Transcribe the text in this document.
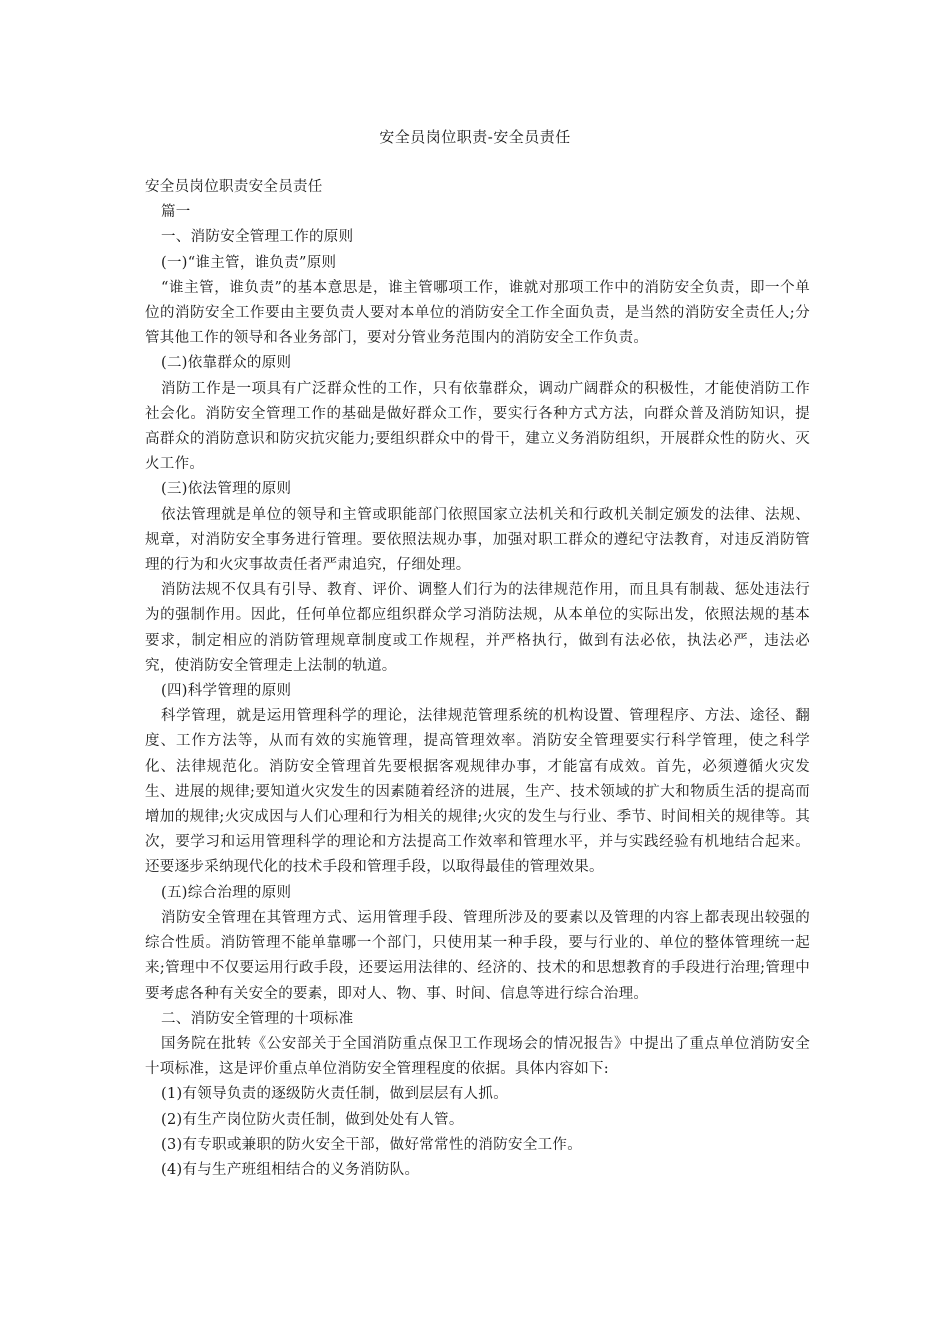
安全员岗位职责-安全员责任

安全员岗位职责安全员责任

篇一

一、消防安全管理工作的原则

(一)“谁主管，谁负责”原则

“谁主管，谁负责”的基本意思是，谁主管哪项工作，谁就对那项工作中的消防安全负责，即一个单位的消防安全工作要由主要负责人要对本单位的消防安全工作全面负责，是当然的消防安全责任人;分管其他工作的领导和各业务部门，要对分管业务范围内的消防安全工作负责。

(二)依靠群众的原则

消防工作是一项具有广泛群众性的工作，只有依靠群众，调动广阔群众的积极性，才能使消防工作社会化。消防安全管理工作的基础是做好群众工作，要实行各种方式方法，向群众普及消防知识，提高群众的消防意识和防灾抗灾能力;要组织群众中的骨干，建立义务消防组织，开展群众性的防火、灭火工作。

(三)依法管理的原则

依法管理就是单位的领导和主管或职能部门依照国家立法机关和行政机关制定颁发的法律、法规、规章，对消防安全事务进行管理。要依照法规办事，加强对职工群众的遵纪守法教育，对违反消防管理的行为和火灾事故责任者严肃追究，仔细处理。

消防法规不仅具有引导、教育、评价、调整人们行为的法律规范作用，而且具有制裁、惩处违法行为的强制作用。因此，任何单位都应组织群众学习消防法规，从本单位的实际出发，依照法规的基本要求，制定相应的消防管理规章制度或工作规程，并严格执行，做到有法必依，执法必严，违法必究，使消防安全管理走上法制的轨道。

(四)科学管理的原则

科学管理，就是运用管理科学的理论，法律规范管理系统的机构设置、管理程序、方法、途径、翻度、工作方法等，从而有效的实施管理，提高管理效率。消防安全管理要实行科学管理，使之科学化、法律规范化。消防安全管理首先要根据客观规律办事，才能富有成效。首先，必须遵循火灾发生、进展的规律;要知道火灾发生的因素随着经济的进展，生产、技术领域的扩大和物质生活的提高而增加的规律;火灾成因与人们心理和行为相关的规律;火灾的发生与行业、季节、时间相关的规律等。其次，要学习和运用管理科学的理论和方法提高工作效率和管理水平，并与实践经验有机地结合起来。还要逐步采纳现代化的技术手段和管理手段，以取得最佳的管理效果。

(五)综合治理的原则

消防安全管理在其管理方式、运用管理手段、管理所涉及的要素以及管理的内容上都表现出较强的综合性质。消防管理不能单靠哪一个部门，只使用某一种手段，要与行业的、单位的整体管理统一起来;管理中不仅要运用行政手段，还要运用法律的、经济的、技术的和思想教育的手段进行治理;管理中要考虑各种有关安全的要素，即对人、物、事、时间、信息等进行综合治理。

二、消防安全管理的十项标准

国务院在批转《公安部关于全国消防重点保卫工作现场会的情况报告》中提出了重点单位消防安全十项标准，这是评价重点单位消防安全管理程度的依据。具体内容如下:

(1)有领导负责的逐级防火责任制，做到层层有人抓。

(2)有生产岗位防火责任制，做到处处有人管。

(3)有专职或兼职的防火安全干部，做好常常性的消防安全工作。

(4)有与生产班组相结合的义务消防队。
